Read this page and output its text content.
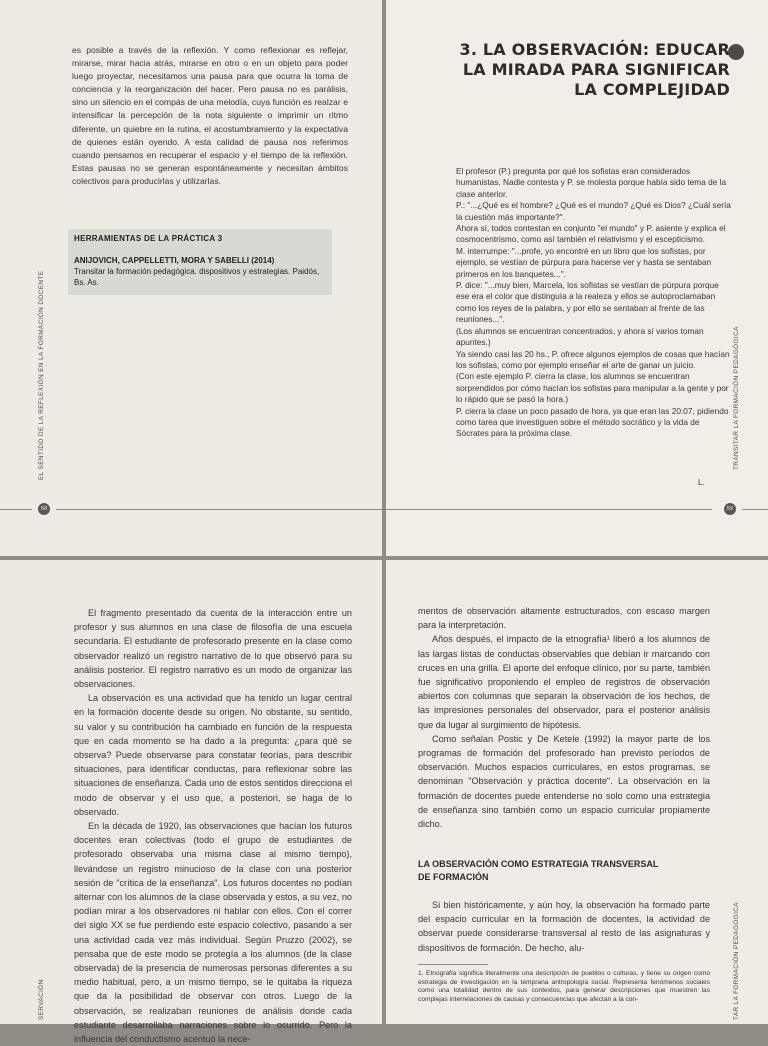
es posible a través de la reflexión. Y como reflexionar es reflejar, mirarse, mirar hacia atrás, mirarse en otro o en un objeto para poder luego proyectar, necesitamos una pausa para que ocurra la toma de conciencia y la reorganización del hacer. Pero pausa no es parálisis, sino un silencio en el compás de una melodía, cuya función es realzar e intensificar la percepción de la nota siguiente o imprimir un ritmo diferente, un quiebre en la rutina, el acostumbramiento y la expectativa de quienes están oyendo. A esta calidad de pausa nos referimos cuando pensamos en recuperar el espacio y el tiempo de la reflexión. Estas pausas no se generan espontáneamente y necesitan ámbitos colectivos para producirlas y utilizarlas.

HERRAMIENTAS DE LA PRÁCTICA 3
ANIJOVICH, CAPPELLETTI, MORA Y SABELLI (2014)
Transitar la formación pedagógica. dispositivos y estrategias. Paidós, Bs. As.
EL SENTIDO DE LA REFLEXIÓN EN LA FORMACIÓN DOCENTE
58
3. LA OBSERVACIÓN: EDUCAR
LA MIRADA PARA SIGNIFICAR
LA COMPLEJIDAD

El profesor (P.) pregunta por qué los sofistas eran considerados humanistas. Nadie contesta y P. se molesta porque había sido tema de la clase anterior.

P.: "...¿Qué es el hombre? ¿Qué es el mundo? ¿Qué es Dios? ¿Cuál sería la cuestión más importante?".

Ahora sí, todos contestan en conjunto "el mundo" y P. asiente y explica el cosmocentrismo, como así también el relativismo y el escepticismo.

M. interrumpe: "...profe, yo encontré en un libro que los sofistas, por ejemplo, se vestían de púrpura para hacerse ver y hasta se sentaban primeros en los banquetes...".

P. dice: "...muy bien, Marcela, los sofistas se vestían de púrpura porque ese era el color que distinguía a la realeza y ellos se autoproclamaban como los reyes de la palabra, y por ello se sentaban al frente de las reuniones...".

(Los alumnos se encuentran concentrados, y ahora sí varios toman apuntes.)

Ya siendo casi las 20 hs., P. ofrece algunos ejemplos de cosas que hacían los sofistas, como por ejemplo enseñar el arte de ganar un juicio.

(Con este ejemplo P. cierra la clase, los alumnos se encuentran sorprendidos por cómo hacían los sofistas para manipular a la gente y por lo rápido que se pasó la hora.)

P. cierra la clase un poco pasado de hora, ya que eran las 20:07, pidiendo como tarea que investiguen sobre el método socrático y la vida de Sócrates para la próxima clase.

L.
TRANSITAR LA FORMACIÓN PEDAGÓGICA
59

El fragmento presentado da cuenta de la interacción entre un profesor y sus alumnos en una clase de filosofía de una escuela secundaria. El estudiante de profesorado presente en la clase como observador realizó un registro narrativo de lo que observó para su análisis posterior. El registro narrativo es un modo de organizar las observaciones.

La observación es una actividad que ha tenido un lugar central en la formación docente desde su origen. No obstante, su sentido, su valor y su contribución ha cambiado en función de la respuesta que en cada momento se ha dado a la pregunta: ¿para qué se observa? Puede observarse para constatar teorías, para describir situaciones, para identificar conductas, para reflexionar sobre las situaciones de enseñanza. Cada uno de estos sentidos direcciona el modo de observar y el uso que, a posteriori, se haga de lo observado.

En la década de 1920, las observaciones que hacían los futuros docentes eran colectivas (todo el grupo de estudiantes de profesorado observaba una misma clase al mismo tiempo), llevándose un registro minucioso de la clase con una posterior sesión de "crítica de la enseñanza". Los futuros docentes no podían alternar con los alumnos de la clase observada y estos, a su vez, no podían mirar a los observadores ni hablar con ellos. Con el correr del siglo XX se fue perdiendo este espacio colectivo, pasando a ser una actividad cada vez más individual. Según Pruzzo (2002), se pensaba que de este modo se protegía a los alumnos (de la clase observada) de la presencia de numerosas personas diferentes a su medio habitual, pero, a un mismo tiempo, se le quitaba la riqueza que da la posibilidad de observar con otros. Luego de la observación, se realizaban reuniones de análisis donde cada estudiante desarrollaba narraciones sobre lo ocurrido. Pero la influencia del conductismo acentuó la nece-

SERVACIÓN

mentos de observación altamente estructurados, con escaso margen para la interpretación.

Años después, el impacto de la etnografía¹ liberó a los alumnos de las largas listas de conductas observables que debían ir marcando con cruces en una grilla. El aporte del enfoque clínico, por su parte, también fue significativo proponiendo el empleo de registros de observación abiertos con columnas que separan la observación de los hechos, de las impresiones personales del observador, para el posterior análisis que da lugar al surgimiento de hipótesis.

Como señalan Postic y De Ketele (1992) la mayor parte de los programas de formación del profesorado han previsto períodos de observación. Muchos espacios curriculares, en estos programas, se denominan "Observación y práctica docente". La observación en la formación de docentes puede entenderse no solo como una estrategia de enseñanza sino también como un espacio curricular propiamente dicho.

LA OBSERVACIÓN COMO ESTRATEGIA TRANSVERSAL
DE FORMACIÓN

Si bien históricamente, y aún hoy, la observación ha formado parte del espacio curricular en la formación de docentes, la actividad de observar puede considerarse transversal al resto de las asignaturas y dispositivos de formación. De hecho, alu-

1. Etnografía significa literalmente una descripción de pueblos o culturas, y tiene su origen como estrategia de investigación en la temprana antropología social. Representa fenómenos sociales como una totalidad dentro de sus contextos, para generar descripciones que muestren las complejas interrelaciones de causas y consecuencias que afectan a la con-	TAR LA FORMACIÓN PEDAGÓGICA
